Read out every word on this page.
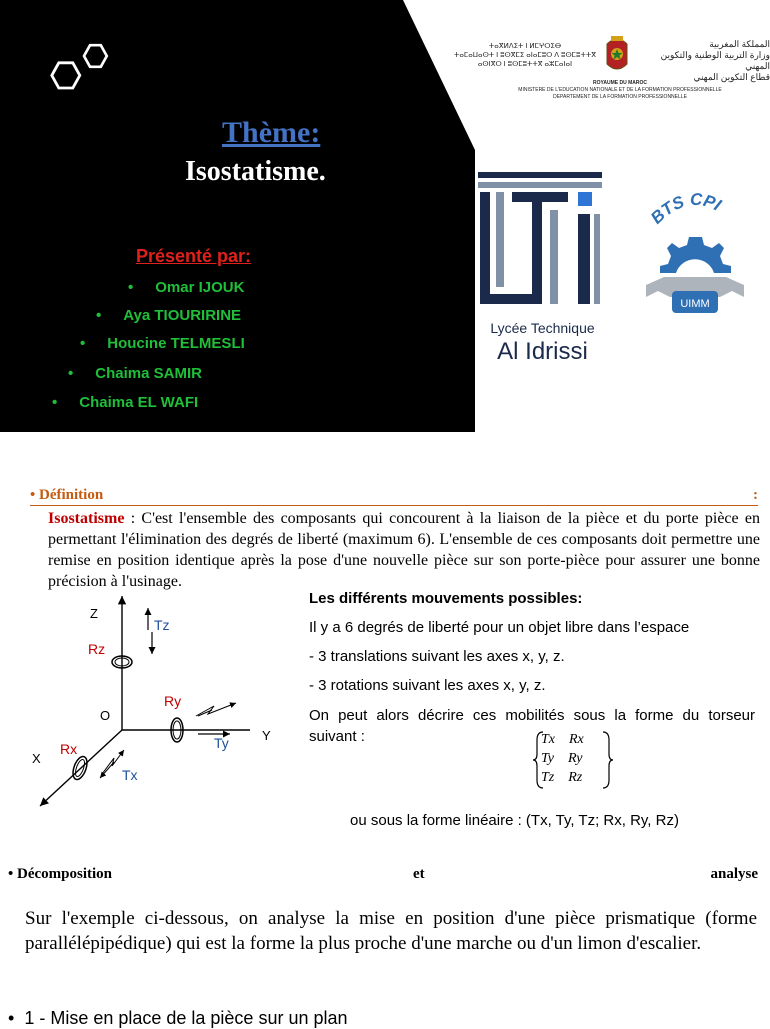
Thème:
Isostatisme.
Présenté par:
• Omar IJOUK
• Aya TIOURIRINE
• Houcine TELMESLI
• Chaima SAMIR
• Chaima EL WAFI
ⵜⴰⴳⵍⴷⵉⵜ ⵏ ⵍⵎⵖⵔⵉⴱ
ⵜⴰⵎⴰⵡⴰⵙⵜ ⵏ ⵓⵙⴳⵎⵉ ⴰⵏⴰⵎⵓⵔ ⴷ ⵓⵙⵎⵓⵜⵜⴳ
ⴰⵙⵏⴳⵔ ⵏ ⵓⵙⵎⵓⵜⵜⴳ ⴰⵣⵎⴰⵏⴰⵏ
المملكة المغربية
وزارة التربية الوطنية والتكوين المهني
قطاع التكوين المهني
ROYAUME DU MAROC
MINISTERE DE L'EDUCATION NATIONALE ET DE LA FORMATION PROFESSIONNELLE
DEPARTEMENT DE LA FORMATION PROFESSIONNELLE
Lycée Technique
Al Idrissi
BTS CPI
UIMM
• Définition	:
Isostatisme : C'est l'ensemble des composants qui concourent à la liaison de la pièce et du porte pièce en permettant l'élimination des degrés de liberté (maximum 6). L'ensemble de ces composants doit permettre une remise en position identique après la pose d'une nouvelle pièce sur son porte-pièce pour assurer une bonne précision à l'usinage.
Z
Tz
Rz
Ry
O
Ty	Y
X
Rx
Tx
Les différents mouvements possibles:
Il y a 6 degrés de liberté pour un objet libre dans l’espace
- 3 translations suivant les axes x, y, z.
- 3 rotations suivant les axes x, y, z.
On peut alors décrire ces mobilités sous la forme du torseur suivant :	Tx Rx
Ty Ry
Tz Rz
ou sous la forme linéaire : (Tx, Ty, Tz; Rx, Ry, Rz)
• Décomposition	et	analyse
Sur l'exemple ci-dessous, on analyse la mise en position d'une pièce prismatique (forme parallélépipédique) qui est la forme la plus proche d'une marche ou d'un limon d'escalier.
•  1 - Mise en place de la pièce sur un plan
